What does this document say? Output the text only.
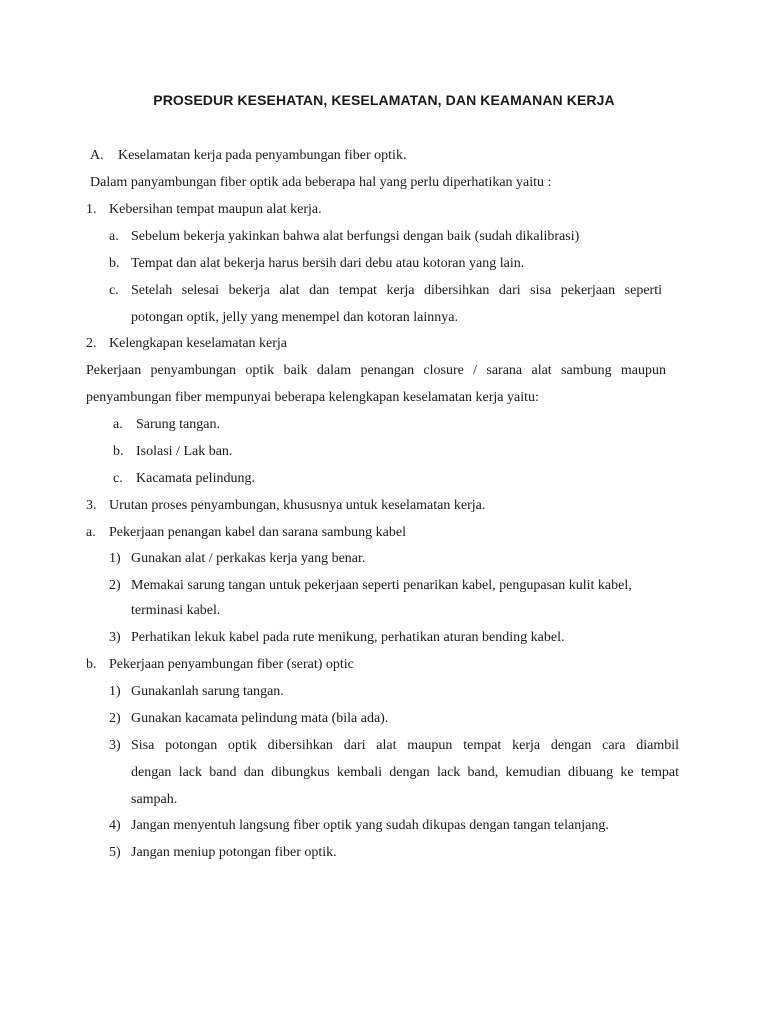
PROSEDUR KESEHATAN, KESELAMATAN, DAN KEAMANAN KERJA
A. Keselamatan kerja pada penyambungan fiber optik.
Dalam panyambungan fiber optik ada beberapa hal yang perlu diperhatikan yaitu :
1. Kebersihan tempat maupun alat kerja.
a. Sebelum bekerja yakinkan bahwa alat berfungsi dengan baik (sudah dikalibrasi)
b. Tempat dan alat bekerja harus bersih dari debu atau kotoran yang lain.
c. Setelah selesai bekerja alat dan tempat kerja dibersihkan dari sisa pekerjaan seperti
potongan optik, jelly yang menempel dan kotoran lainnya.
2. Kelengkapan keselamatan kerja
Pekerjaan penyambungan optik baik dalam penangan closure / sarana alat sambung maupun
penyambungan fiber mempunyai beberapa kelengkapan keselamatan kerja yaitu:
a. Sarung tangan.
b. Isolasi / Lak ban.
c. Kacamata pelindung.
3. Urutan proses penyambungan, khususnya untuk keselamatan kerja.
a. Pekerjaan penangan kabel dan sarana sambung kabel
1) Gunakan alat / perkakas kerja yang benar.
2) Memakai sarung tangan untuk pekerjaan seperti penarikan kabel, pengupasan kulit kabel,
terminasi kabel.
3) Perhatikan lekuk kabel pada rute menikung, perhatikan aturan bending kabel.
b. Pekerjaan penyambungan fiber (serat) optic
1) Gunakanlah sarung tangan.
2) Gunakan kacamata pelindung mata (bila ada).
3) Sisa potongan optik dibersihkan dari alat maupun tempat kerja dengan cara diambil
dengan lack band dan dibungkus kembali dengan lack band, kemudian dibuang ke tempat
sampah.
4) Jangan menyentuh langsung fiber optik yang sudah dikupas dengan tangan telanjang.
5) Jangan meniup potongan fiber optik.
